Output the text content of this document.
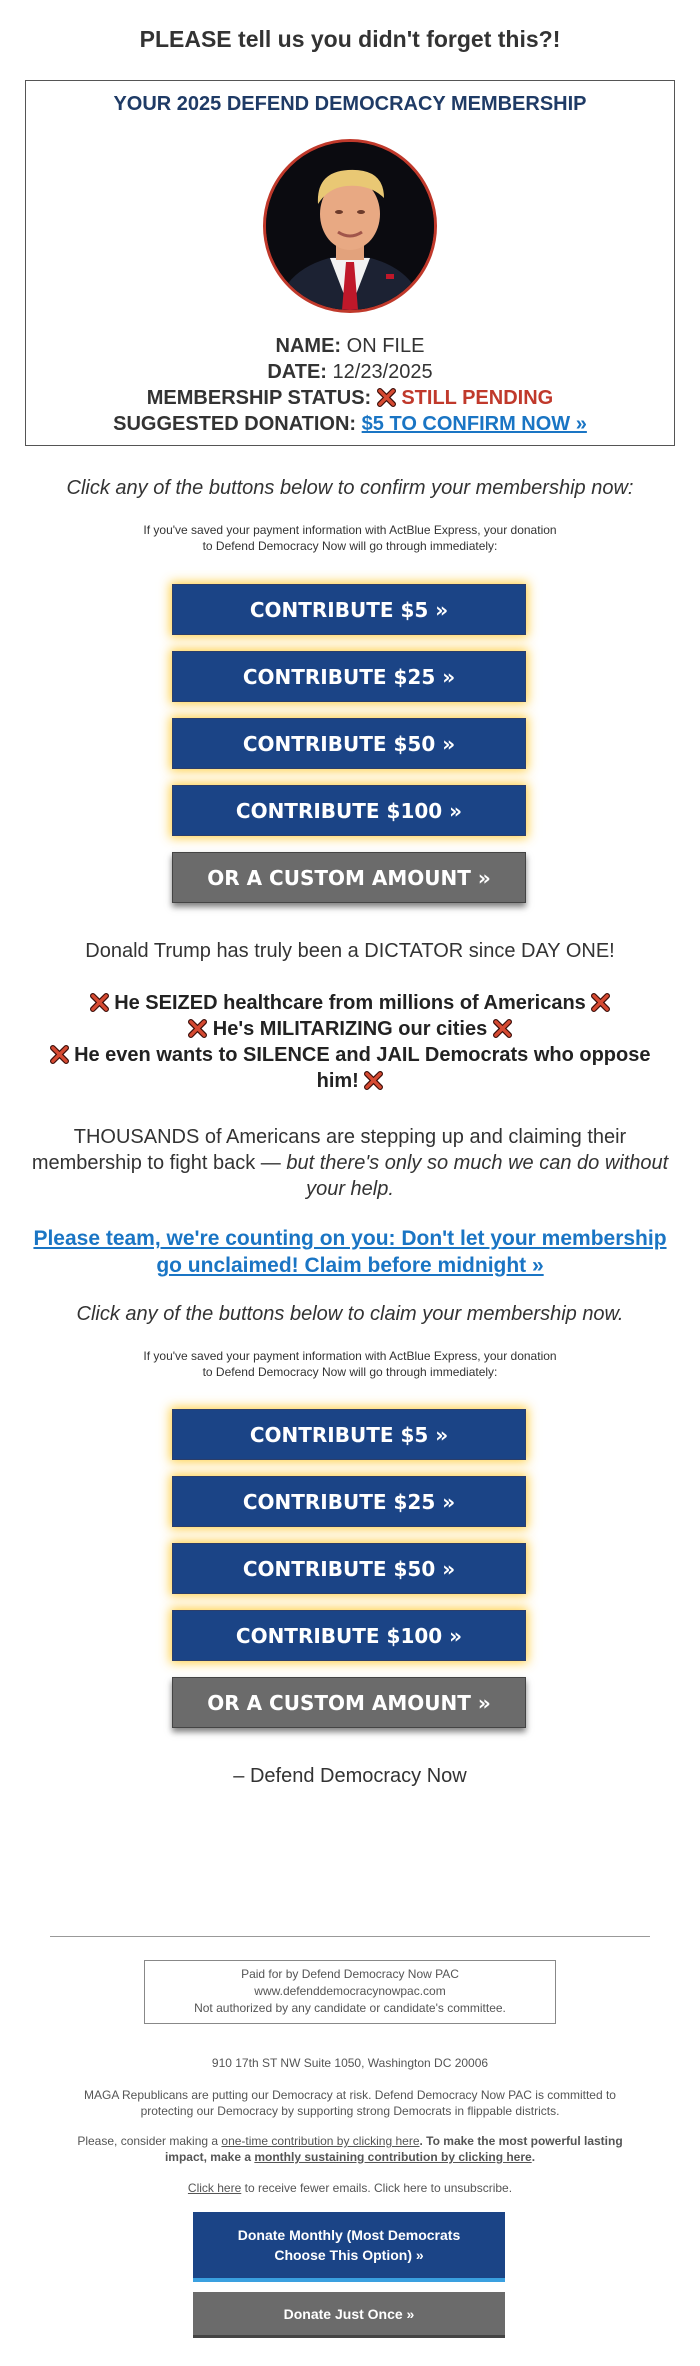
PLEASE tell us you didn't forget this?!
YOUR 2025 DEFEND DEMOCRACY MEMBERSHIP
NAME: ON FILE
DATE: 12/23/2025
MEMBERSHIP STATUS: STILL PENDING
SUGGESTED DONATION: $5 TO CONFIRM NOW »
Click any of the buttons below to confirm your membership now:
If you've saved your payment information with ActBlue Express, your donation
to Defend Democracy Now will go through immediately:
CONTRIBUTE $5 »
CONTRIBUTE $25 »
CONTRIBUTE $50 »
CONTRIBUTE $100 »
OR A CUSTOM AMOUNT »
Donald Trump has truly been a DICTATOR since DAY ONE!
He SEIZED healthcare from millions of Americans
He's MILITARIZING our cities
He even wants to SILENCE and JAIL Democrats who oppose
him!
THOUSANDS of Americans are stepping up and claiming their
membership to fight back — but there's only so much we can do without
your help.
Please team, we're counting on you: Don't let your membership
go unclaimed! Claim before midnight »
Click any of the buttons below to claim your membership now.
If you've saved your payment information with ActBlue Express, your donation
to Defend Democracy Now will go through immediately:
CONTRIBUTE $5 »
CONTRIBUTE $25 »
CONTRIBUTE $50 »
CONTRIBUTE $100 »
OR A CUSTOM AMOUNT »
– Defend Democracy Now
Paid for by Defend Democracy Now PAC
www.defenddemocracynowpac.com
Not authorized by any candidate or candidate's committee.
910 17th ST NW Suite 1050, Washington DC 20006
MAGA Republicans are putting our Democracy at risk. Defend Democracy Now PAC is committed to
protecting our Democracy by supporting strong Democrats in flippable districts.
Please, consider making a one-time contribution by clicking here. To make the most powerful lasting
impact, make a monthly sustaining contribution by clicking here.
Click here to receive fewer emails. Click here to unsubscribe.
Donate Monthly (Most Democrats
Choose This Option) »
Donate Just Once »
